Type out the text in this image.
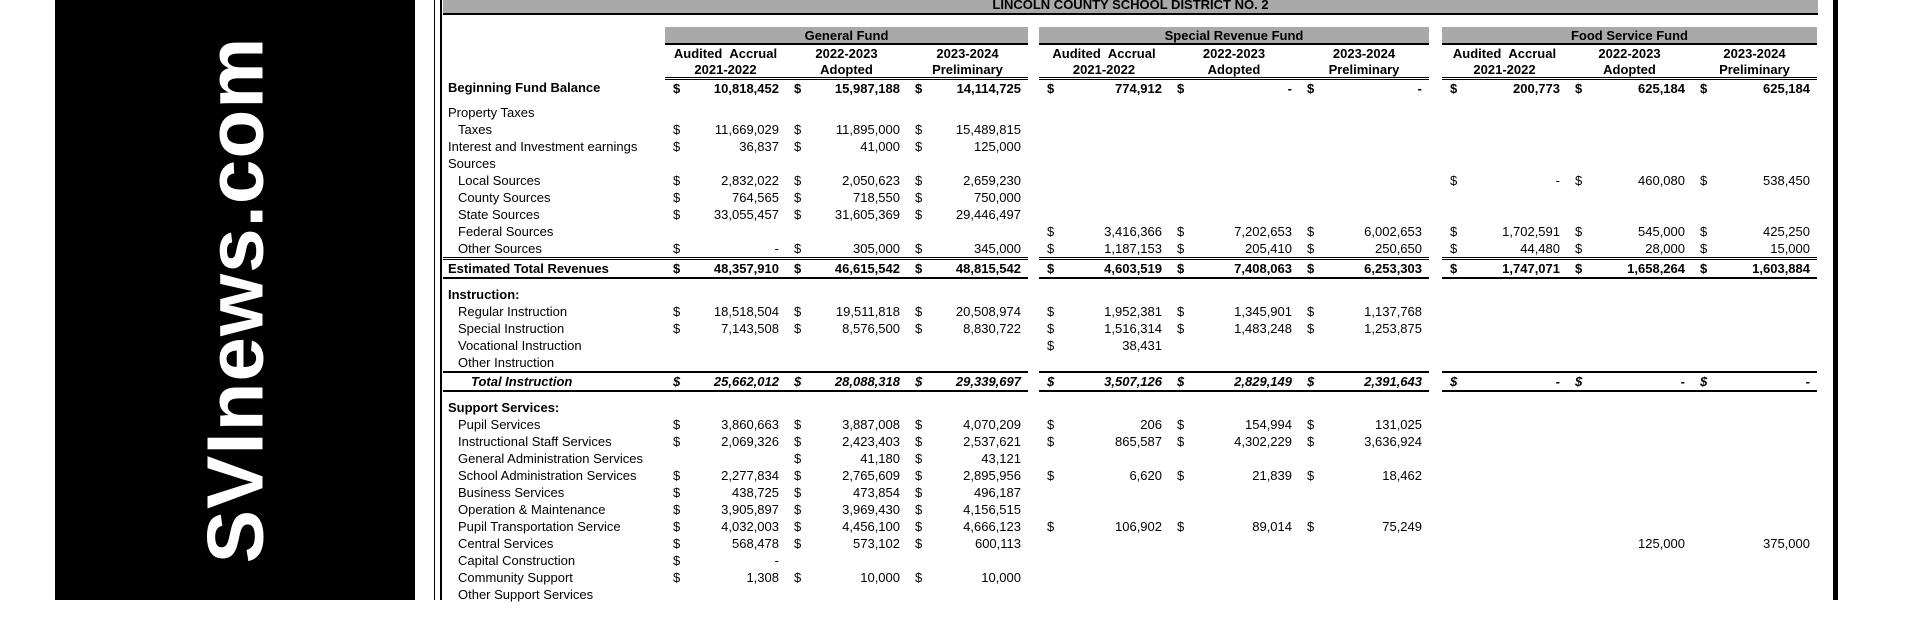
SVInews.com
LINCOLN COUNTY SCHOOL DISTRICT NO. 2
	General Fund				Special Revenue Fund				Food Service Fund		
	Audited Accrual	2022-2023	2023-2024		Audited Accrual	2022-2023	2023-2024		Audited Accrual	2022-2023	2023-2024
	2021-2022	Adopted	Preliminary		2021-2022	Adopted	Preliminary		2021-2022	Adopted	Preliminary
Beginning Fund Balance	$ 10,818,452	$ 15,987,188	$ 14,114,725		$ 774,912	$ -	$ -		$ 200,773	$ 625,184	$ 625,184

Property Taxes											
Taxes	$ 11,669,029	$ 11,895,000	$ 15,489,815								

Interest and Investment earnings	$ 36,837	$ 41,000	$ 125,000								

Sources											
Local Sources	$ 2,832,022	$ 2,050,623	$ 2,659,230						$ -	$ 460,080	$ 538,450

County Sources	$ 764,565	$ 718,550	$ 750,000								

State Sources	$ 33,055,457	$ 31,605,369	$ 29,446,497								

Federal Sources					$ 3,416,366	$ 7,202,653	$ 6,002,653		$ 1,702,591	$ 545,000	$ 425,250

Other Sources	$ -	$ 305,000	$ 345,000		$ 1,187,153	$ 205,410	$ 250,650		$ 44,480	$ 28,000	$ 15,000

Estimated Total Revenues	$ 48,357,910	$ 46,615,542	$ 48,815,542		$ 4,603,519	$ 7,408,063	$ 6,253,303		$ 1,747,071	$ 1,658,264	$ 1,603,884

Instruction:											
Regular Instruction	$ 18,518,504	$ 19,511,818	$ 20,508,974		$ 1,952,381	$ 1,345,901	$ 1,137,768				

Special Instruction	$ 7,143,508	$ 8,576,500	$ 8,830,722		$ 1,516,314	$ 1,483,248	$ 1,253,875				

Vocational Instruction					$ 38,431						

Other Instruction											
Total Instruction	$ 25,662,012	$ 28,088,318	$ 29,339,697		$ 3,507,126	$ 2,829,149	$ 2,391,643		$ -	$ -	$ -

Support Services:											
Pupil Services	$ 3,860,663	$ 3,887,008	$ 4,070,209		$ 206	$ 154,994	$ 131,025				

Instructional Staff Services	$ 2,069,326	$ 2,423,403	$ 2,537,621		$ 865,587	$ 4,302,229	$ 3,636,924				

General Administration Services		$ 41,180	$ 43,121								

School Administration Services	$ 2,277,834	$ 2,765,609	$ 2,895,956		$ 6,620	$ 21,839	$ 18,462				

Business Services	$ 438,725	$ 473,854	$ 496,187								

Operation & Maintenance	$ 3,905,897	$ 3,969,430	$ 4,156,515								

Pupil Transportation Service	$ 4,032,003	$ 4,456,100	$ 4,666,123		$ 106,902	$ 89,014	$ 75,249				

Central Services	$ 568,478	$ 573,102	$ 600,113							125,000	375,000

Capital Construction	$ -										

Community Support	$ 1,308	$ 10,000	$ 10,000								

Other Support Services											
